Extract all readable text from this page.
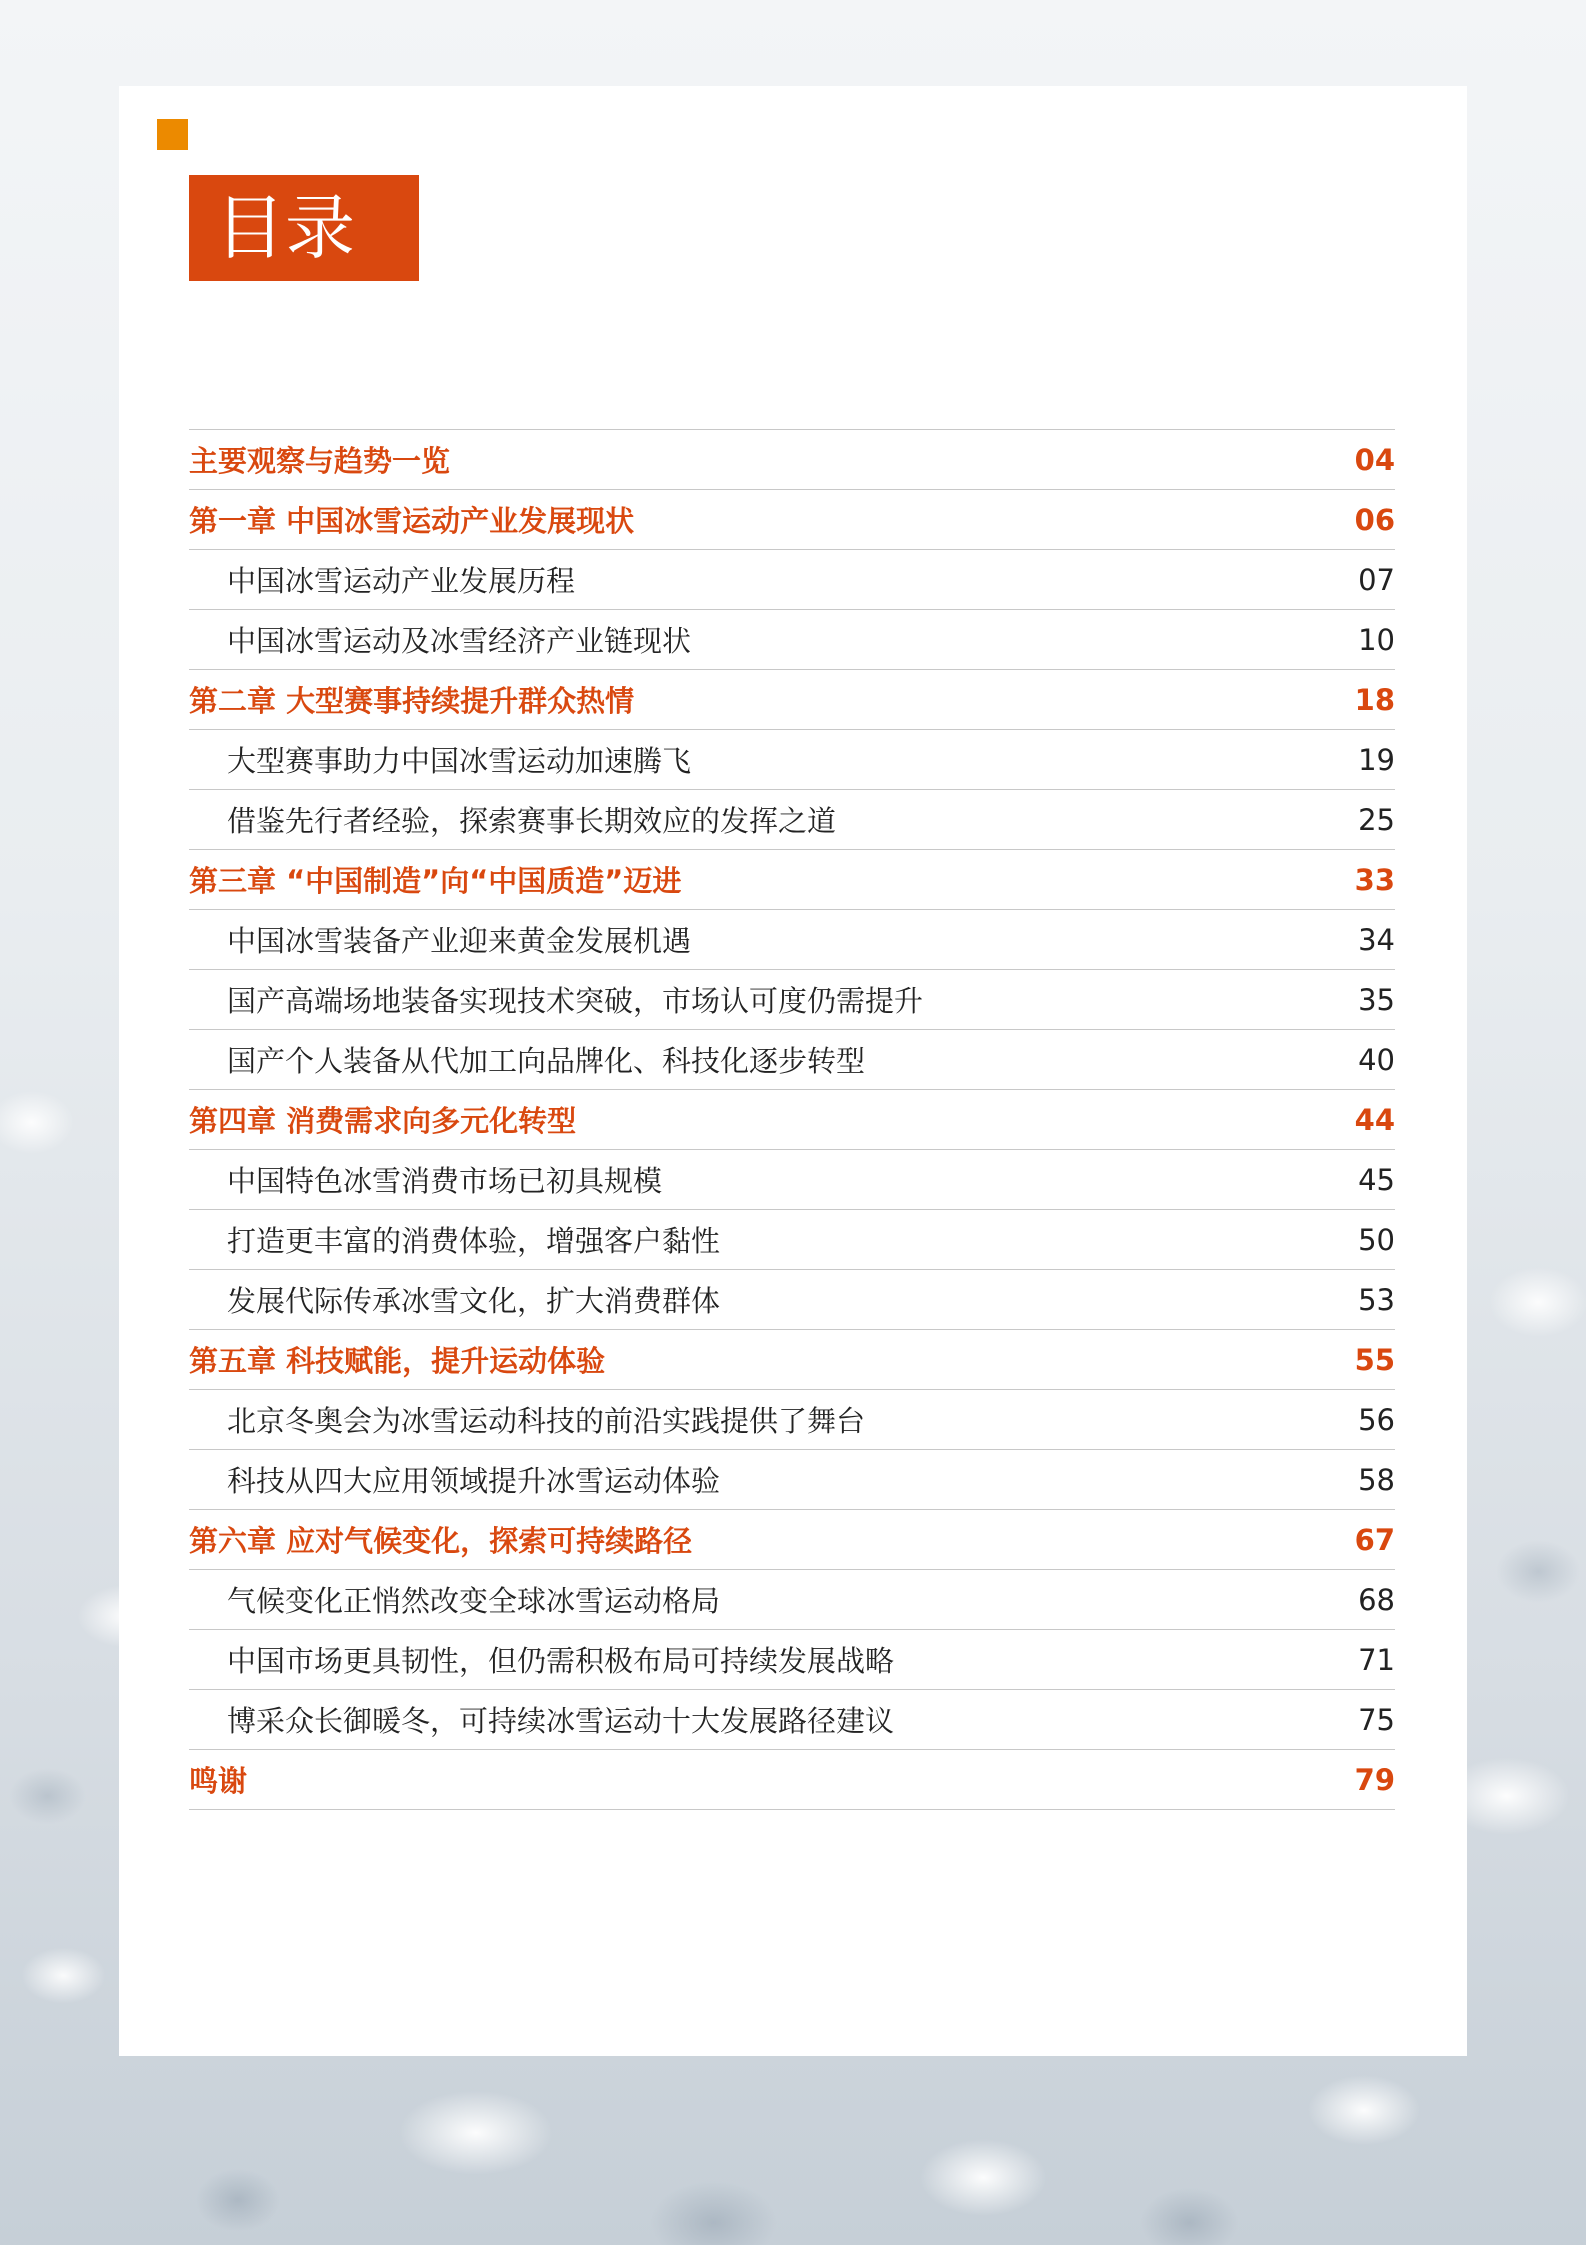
目录
主要观察与趋势一览	04
第一章 中国冰雪运动产业发展现状	06
中国冰雪运动产业发展历程	07
中国冰雪运动及冰雪经济产业链现状	10
第二章 大型赛事持续提升群众热情	18
大型赛事助力中国冰雪运动加速腾飞	19
借鉴先行者经验，探索赛事长期效应的发挥之道	25
第三章 “中国制造”向“中国质造”迈进	33
中国冰雪装备产业迎来黄金发展机遇	34
国产高端场地装备实现技术突破，市场认可度仍需提升	35
国产个人装备从代加工向品牌化、科技化逐步转型	40
第四章 消费需求向多元化转型	44
中国特色冰雪消费市场已初具规模	45
打造更丰富的消费体验，增强客户黏性	50
发展代际传承冰雪文化，扩大消费群体	53
第五章 科技赋能，提升运动体验	55
北京冬奥会为冰雪运动科技的前沿实践提供了舞台	56
科技从四大应用领域提升冰雪运动体验	58
第六章 应对气候变化，探索可持续路径	67
气候变化正悄然改变全球冰雪运动格局	68
中国市场更具韧性，但仍需积极布局可持续发展战略	71
博采众长御暖冬，可持续冰雪运动十大发展路径建议	75
鸣谢	79
